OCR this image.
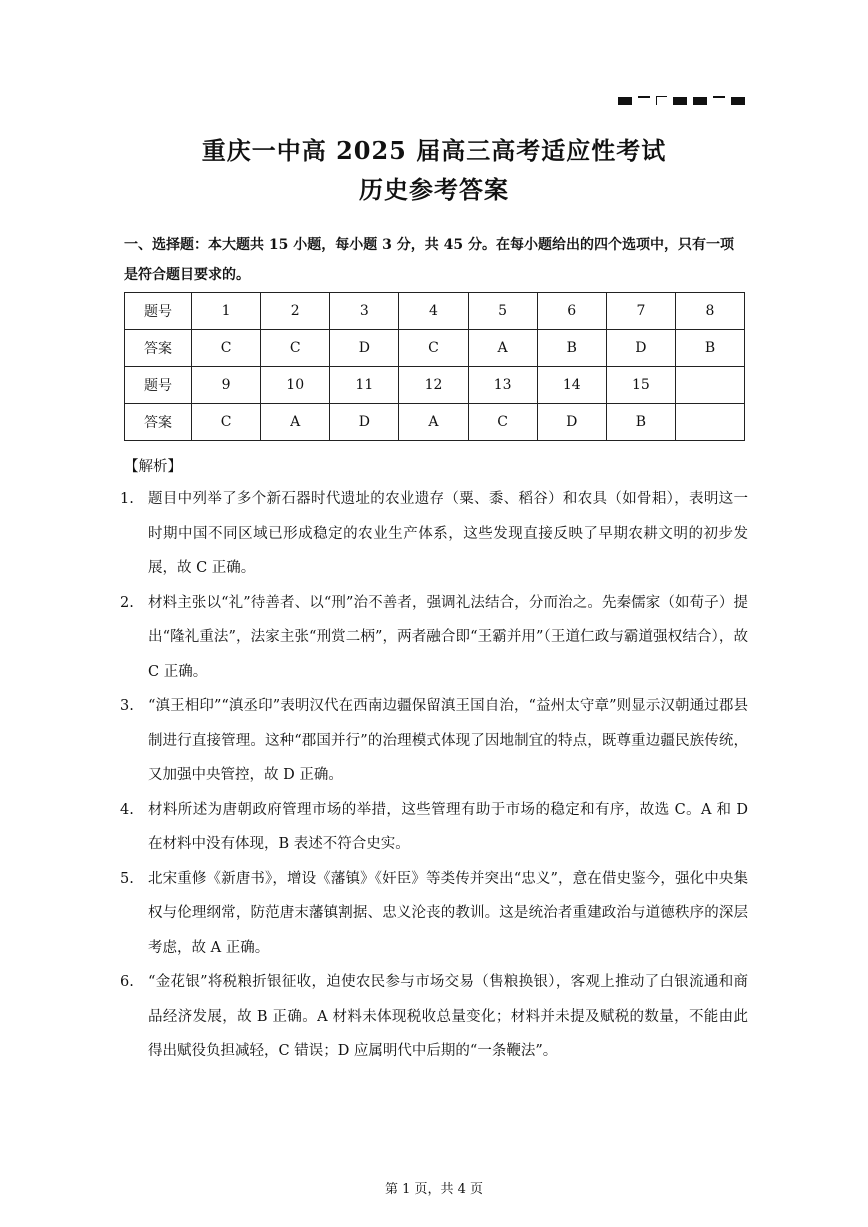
重庆一中高 2025 届高三高考适应性考试
历史参考答案
一、选择题：本大题共 15 小题，每小题 3 分，共 45 分。在每小题给出的四个选项中，只有一项是符合题目要求的。
题号	1	2	3	4	5	6	7	8
答案	C	C	D	C	A	B	D	B
题号	9	10	11	12	13	14	15	
答案	C	A	D	A	C	D	B	
【解析】
1. 题目中列举了多个新石器时代遗址的农业遗存（粟、黍、稻谷）和农具（如骨耜），表明这一时期中国不同区域已形成稳定的农业生产体系，这些发现直接反映了早期农耕文明的初步发展，故 C 正确。
2. 材料主张以“礼”待善者、以“刑”治不善者，强调礼法结合，分而治之。先秦儒家（如荀子）提出“隆礼重法”，法家主张“刑赏二柄”，两者融合即“王霸并用”（王道仁政与霸道强权结合），故 C 正确。
3. “滇王相印”“滇丞印”表明汉代在西南边疆保留滇王国自治，“益州太守章”则显示汉朝通过郡县制进行直接管理。这种“郡国并行”的治理模式体现了因地制宜的特点，既尊重边疆民族传统，又加强中央管控，故 D 正确。
4. 材料所述为唐朝政府管理市场的举措，这些管理有助于市场的稳定和有序，故选 C。A 和 D 在材料中没有体现，B 表述不符合史实。
5. 北宋重修《新唐书》，增设《藩镇》《奸臣》等类传并突出“忠义”，意在借史鉴今，强化中央集权与伦理纲常，防范唐末藩镇割据、忠义沦丧的教训。这是统治者重建政治与道德秩序的深层考虑，故 A 正确。
6. “金花银”将税粮折银征收，迫使农民参与市场交易（售粮换银），客观上推动了白银流通和商品经济发展，故 B 正确。A 材料未体现税收总量变化；材料并未提及赋税的数量，不能由此得出赋役负担减轻，C 错误；D 应属明代中后期的“一条鞭法”。
第 1 页，共 4 页
